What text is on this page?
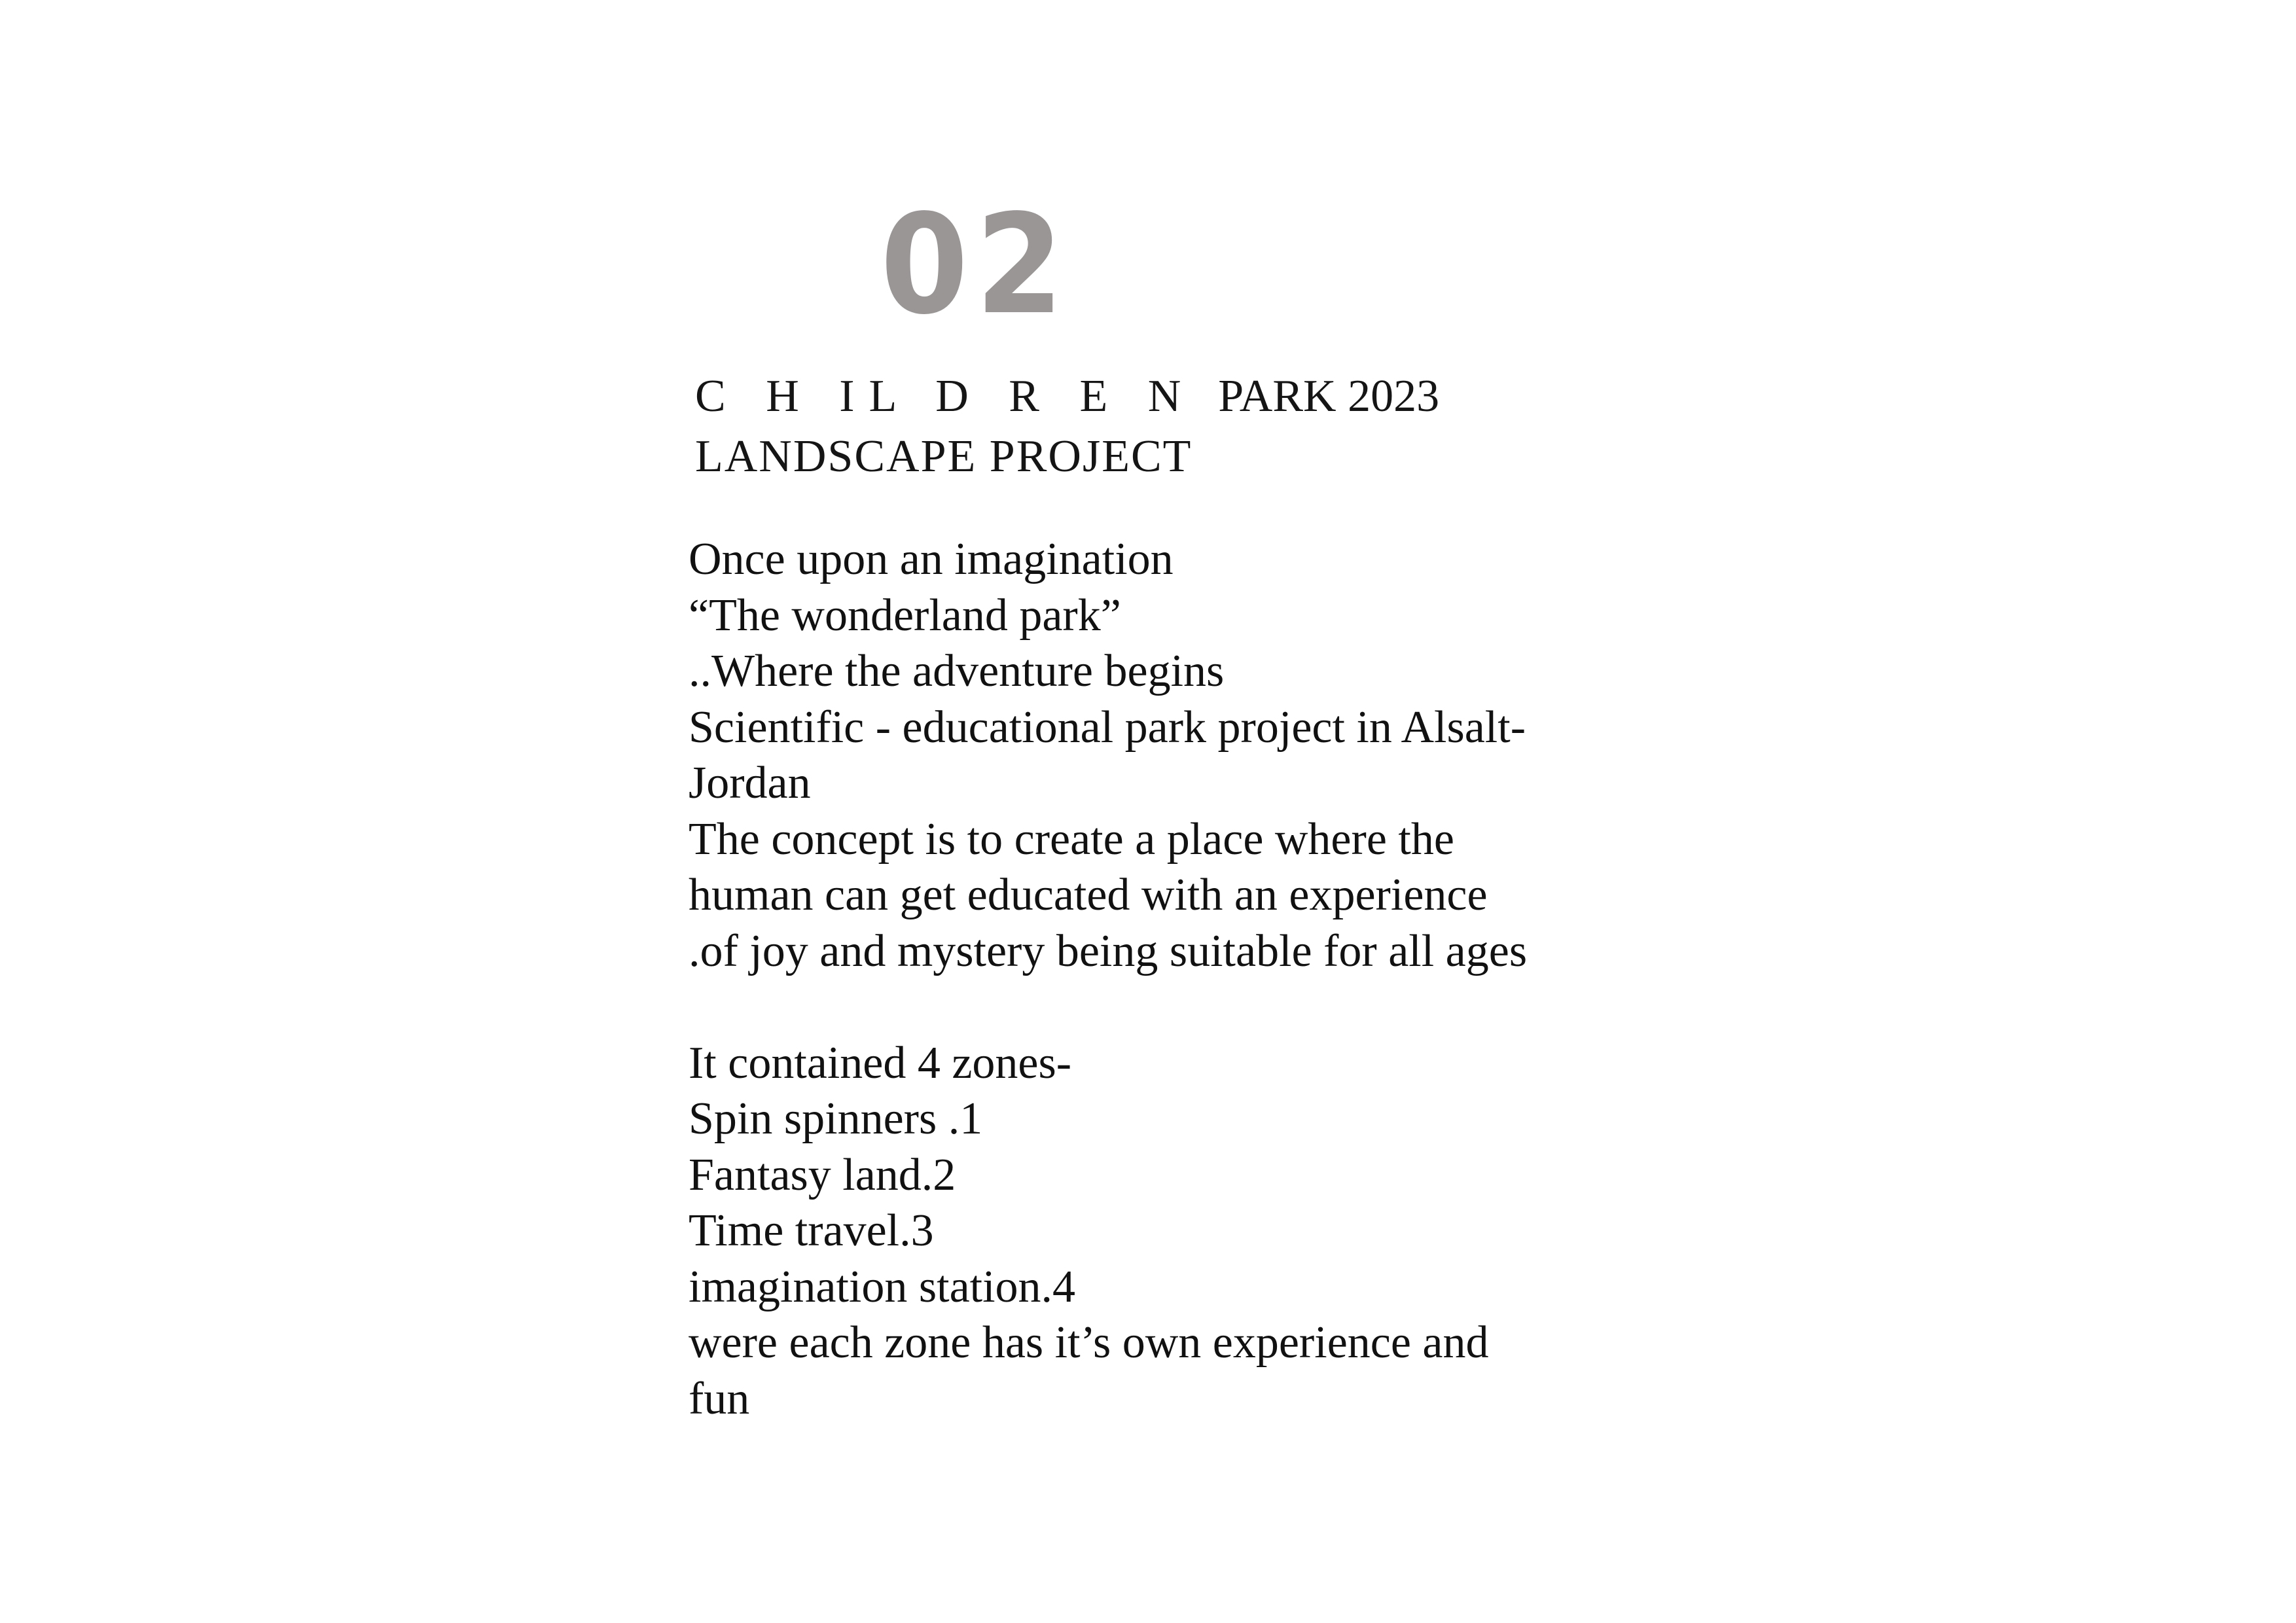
02
C H IL D R E N PARK 2023
LANDSCAPE PROJECT
Once upon an imagination
“The wonderland park”
..Where the adventure begins
Scientific - educational park project in Alsalt-
Jordan
The concept is to create a place where the
human can get educated with an experience
.of joy and mystery being suitable for all ages
It contained 4 zones-
Spin spinners .1
Fantasy land.2
Time travel.3
imagination station.4
were each zone has it’s own experience and
fun
